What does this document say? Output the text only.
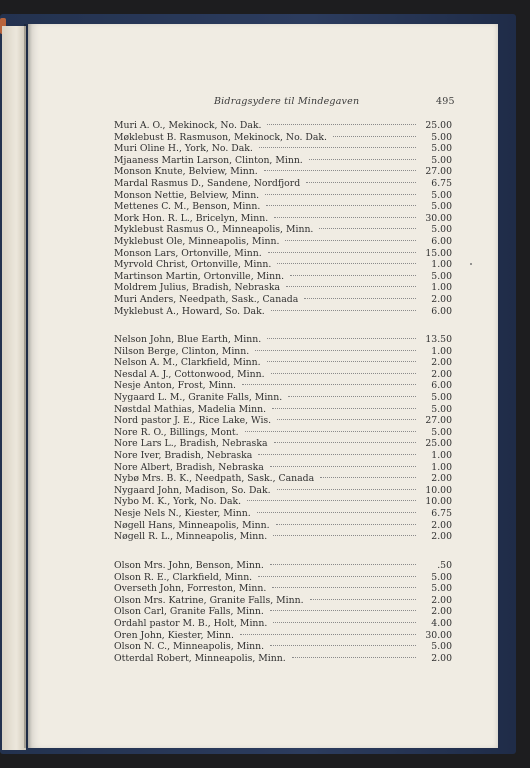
Bidragsydere til Mindegaven	495
Muri A. O., Mekinock, No. Dak.	25.00
Møklebust B. Rasmuson, Mekinock, No. Dak.	5.00
Muri Oline H., York, No. Dak.	5.00
Mjaaness Martin Larson, Clinton, Minn.	5.00
Monson Knute, Belview, Minn.	27.00
Mardal Rasmus D., Sandene, Nordfjord	6.75
Monson Nettie, Belview, Minn.	5.00
Mettenes C. M., Benson, Minn.	5.00
Mork Hon. R. L., Bricelyn, Minn.	30.00
Myklebust Rasmus O., Minneapolis, Minn.	5.00
Myklebust Ole, Minneapolis, Minn.	6.00
Monson Lars, Ortonville, Minn.	15.00
Myrvold Christ, Ortonville, Minn.	1.00
Martinson Martin, Ortonville, Minn.	5.00
Moldrem Julius, Bradish, Nebraska	1.00
Muri Anders, Needpath, Sask., Canada	2.00
Myklebust A., Howard, So. Dak.	6.00
Nelson John, Blue Earth, Minn.	13.50
Nilson Berge, Clinton, Minn.	1.00
Nelson A. M., Clarkfield, Minn.	2.00
Nesdal A. J., Cottonwood, Minn.	2.00
Nesje Anton, Frost, Minn.	6.00
Nygaard L. M., Granite Falls, Minn.	5.00
Nøstdal Mathias, Madelia Minn.	5.00
Nord pastor J. E., Rice Lake, Wis.	27.00
Nore R. O., Billings, Mont.	5.00
Nore Lars L., Bradish, Nebraska	25.00
Nore Iver, Bradish, Nebraska	1.00
Nore Albert, Bradish, Nebraska	1.00
Nybø Mrs. B. K., Needpath, Sask., Canada	2.00
Nygaard John, Madison, So. Dak.	10.00
Nybo M. K., York, No. Dak.	10.00
Nesje Nels N., Kiester, Minn.	6.75
Nøgell Hans, Minneapolis, Minn.	2.00
Nøgell R. L., Minneapolis, Minn.	2.00
Olson Mrs. John, Benson, Minn.	.50
Olson R. E., Clarkfield, Minn.	5.00
Overseth John, Forreston, Minn.	5.00
Olson Mrs. Katrine, Granite Falls, Minn.	2.00
Olson Carl, Granite Falls, Minn.	2.00
Ordahl pastor M. B., Holt, Minn.	4.00
Oren John, Kiester, Minn.	30.00
Olson N. C., Minneapolis, Minn.	5.00
Otterdal Robert, Minneapolis, Minn.	2.00
